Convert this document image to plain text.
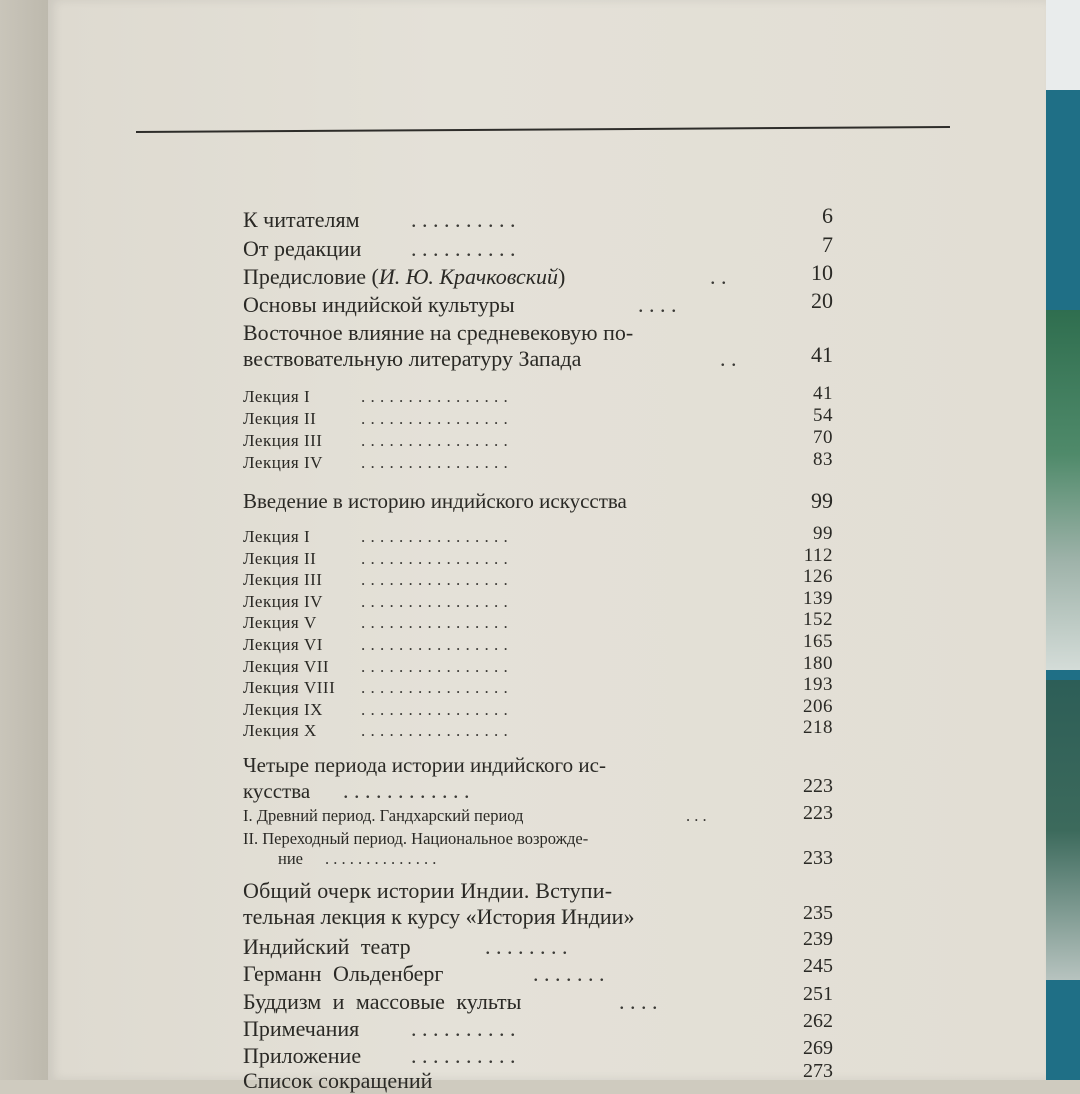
К читателям . . . . . . . . . .	6
От редакции . . . . . . . . . .	7
Предисловие (И. Ю. Крачковский)	. .	10
Основы индийской культуры	. . . .	20
Восточное влияние на средневековую по-
вествовательную литературу Запада	. .	41
Лекция I	. . . . . . . . . . . . . . . .	41
Лекция II	. . . . . . . . . . . . . . . .	54
Лекция III . . . . . . . . . . . . . . . .	70
Лекция IV . . . . . . . . . . . . . . . .	83
Введение в историю индийского искусства	99
Лекция I	. . . . . . . . . . . . . . . .	99
Лекция II	. . . . . . . . . . . . . . . .	112
Лекция III . . . . . . . . . . . . . . . .	126
Лекция IV . . . . . . . . . . . . . . . .	139
Лекция V	. . . . . . . . . . . . . . . .	152
Лекция VI . . . . . . . . . . . . . . . .	165
Лекция VII . . . . . . . . . . . . . . . .	180
Лекция VIII . . . . . . . . . . . . . . . .	193
Лекция IX . . . . . . . . . . . . . . . .	206
Лекция X	. . . . . . . . . . . . . . . .	218
Четыре периода истории индийского ис-
кусства . . . . . . . . . . . .	223
I. Древний период. Гандхарский период	. . .	223
II. Переходный период. Национальное возрожде-
ние . . . . . . . . . . . . . .	233
Общий очерк истории Индии. Вступи-
тельная лекция к курсу «История Индии»	235
Индийский театр	. . . . . . . .	239
Германн Ольденберг	. . . . . . .	245
Буддизм и массовые культы	. . . .	251
Примечания . . . . . . . . . .	262
Приложение . . . . . . . . . .	269
Список сокращений	273
